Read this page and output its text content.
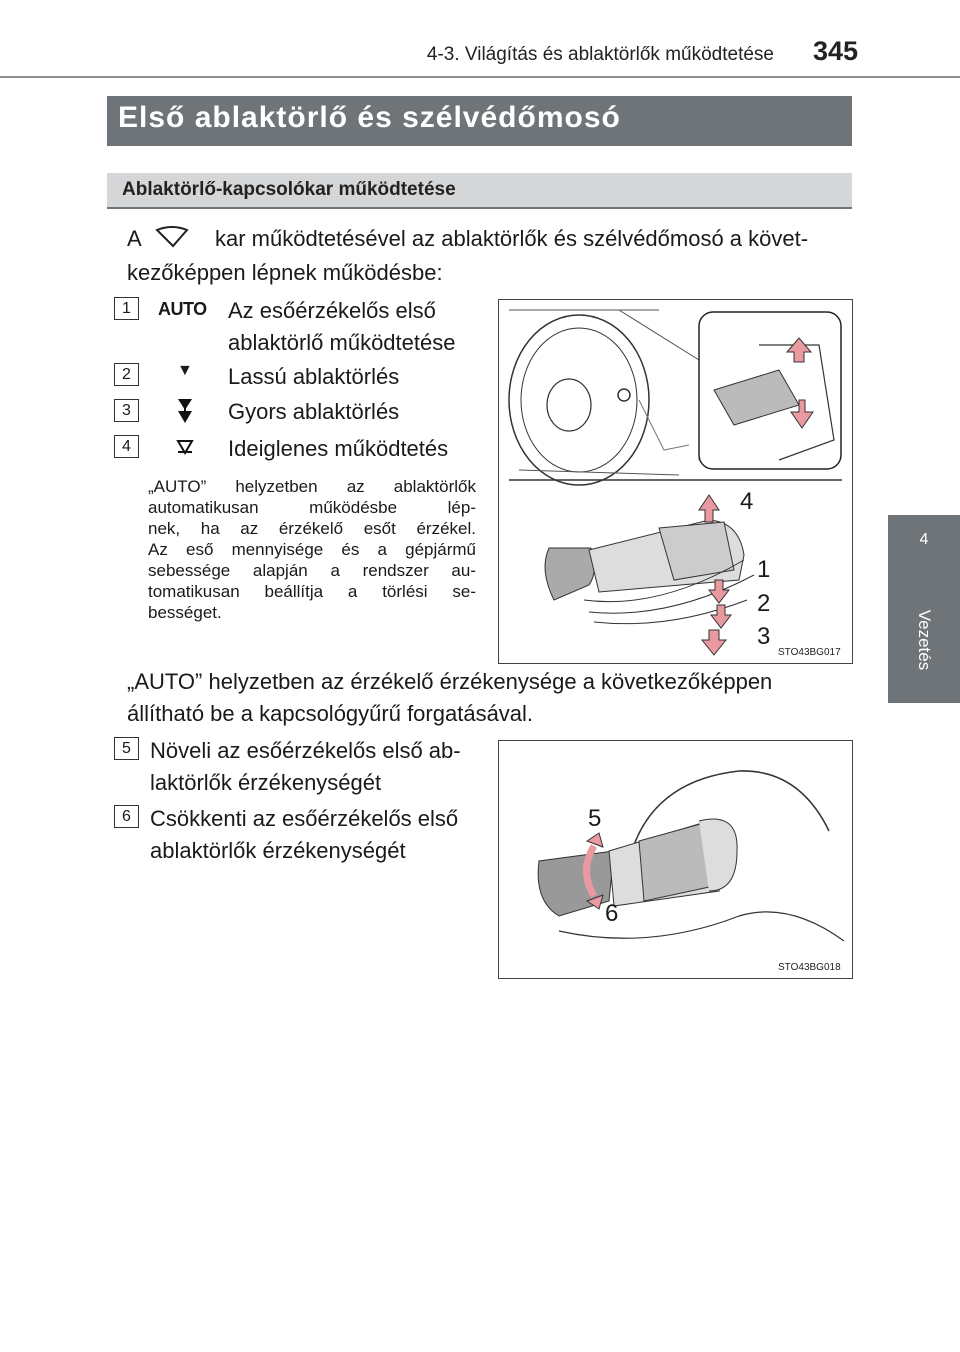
4-3. Világítás és ablaktörlők működtetése 345
4
Vezetés
Első ablaktörlő és szélvédőmosó
Ablaktörlő-kapcsolókar működtetése
A	kar működtetésével az ablaktörlők és szélvédőmosó a követ-
kezőképpen lépnek működésbe:
1	AUTO Az esőérzékelős első
ablaktörlő működtetése
2	▼ Lassú ablaktörlés
3	Gyors ablaktörlés
4	Ideiglenes működtetés
„AUTO” helyzetben az ablaktörlők
automatikusan működésbe lép-
nek, ha az érzékelő esőt érzékel.
Az eső mennyisége és a gépjármű
sebessége alapján a rendszer au-
tomatikusan beállítja a törlési se-
bességet.
4
1
2
3
STO43BG017
„AUTO” helyzetben az érzékelő érzékenysége a következőképpen
állítható be a kapcsológyűrű forgatásával.
5 Növeli az esőérzékelős első ab-
laktörlők érzékenységét
6 Csökkenti az esőérzékelős első
ablaktörlők érzékenységét
5
6
STO43BG018
